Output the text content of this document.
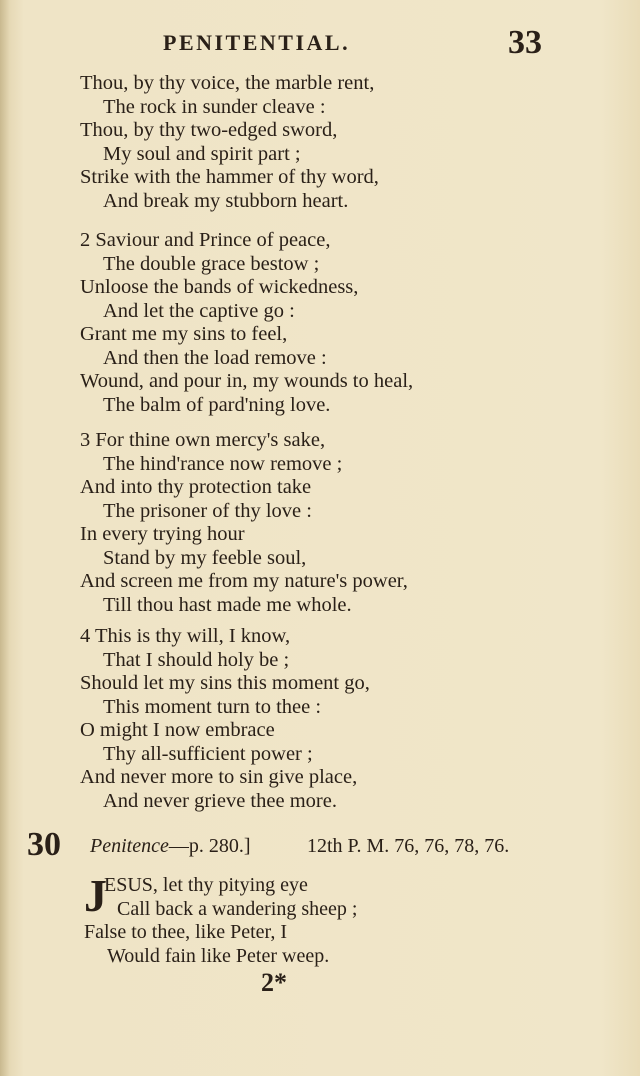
PENITENTIAL.	33
Thou, by thy voice, the marble rent,
The rock in sunder cleave :
Thou, by thy two-edged sword,
My soul and spirit part ;
Strike with the hammer of thy word,
And break my stubborn heart.
2 Saviour and Prince of peace,
The double grace bestow ;
Unloose the bands of wickedness,
And let the captive go :
Grant me my sins to feel,
And then the load remove :
Wound, and pour in, my wounds to heal,
The balm of pard'ning love.
3 For thine own mercy's sake,
The hind'rance now remove ;
And into thy protection take
The prisoner of thy love :
In every trying hour
Stand by my feeble soul,
And screen me from my nature's power,
Till thou hast made me whole.
4 This is thy will, I know,
That I should holy be ;
Should let my sins this moment go,
This moment turn to thee :
O might I now embrace
Thy all-sufficient power ;
And never more to sin give place,
And never grieve thee more.
30 Penitence—p. 280.]	12th P. M. 76, 76, 78, 76.
J
ESUS, let thy pitying eye
Call back a wandering sheep ;
False to thee, like Peter, I
Would fain like Peter weep.
2*
